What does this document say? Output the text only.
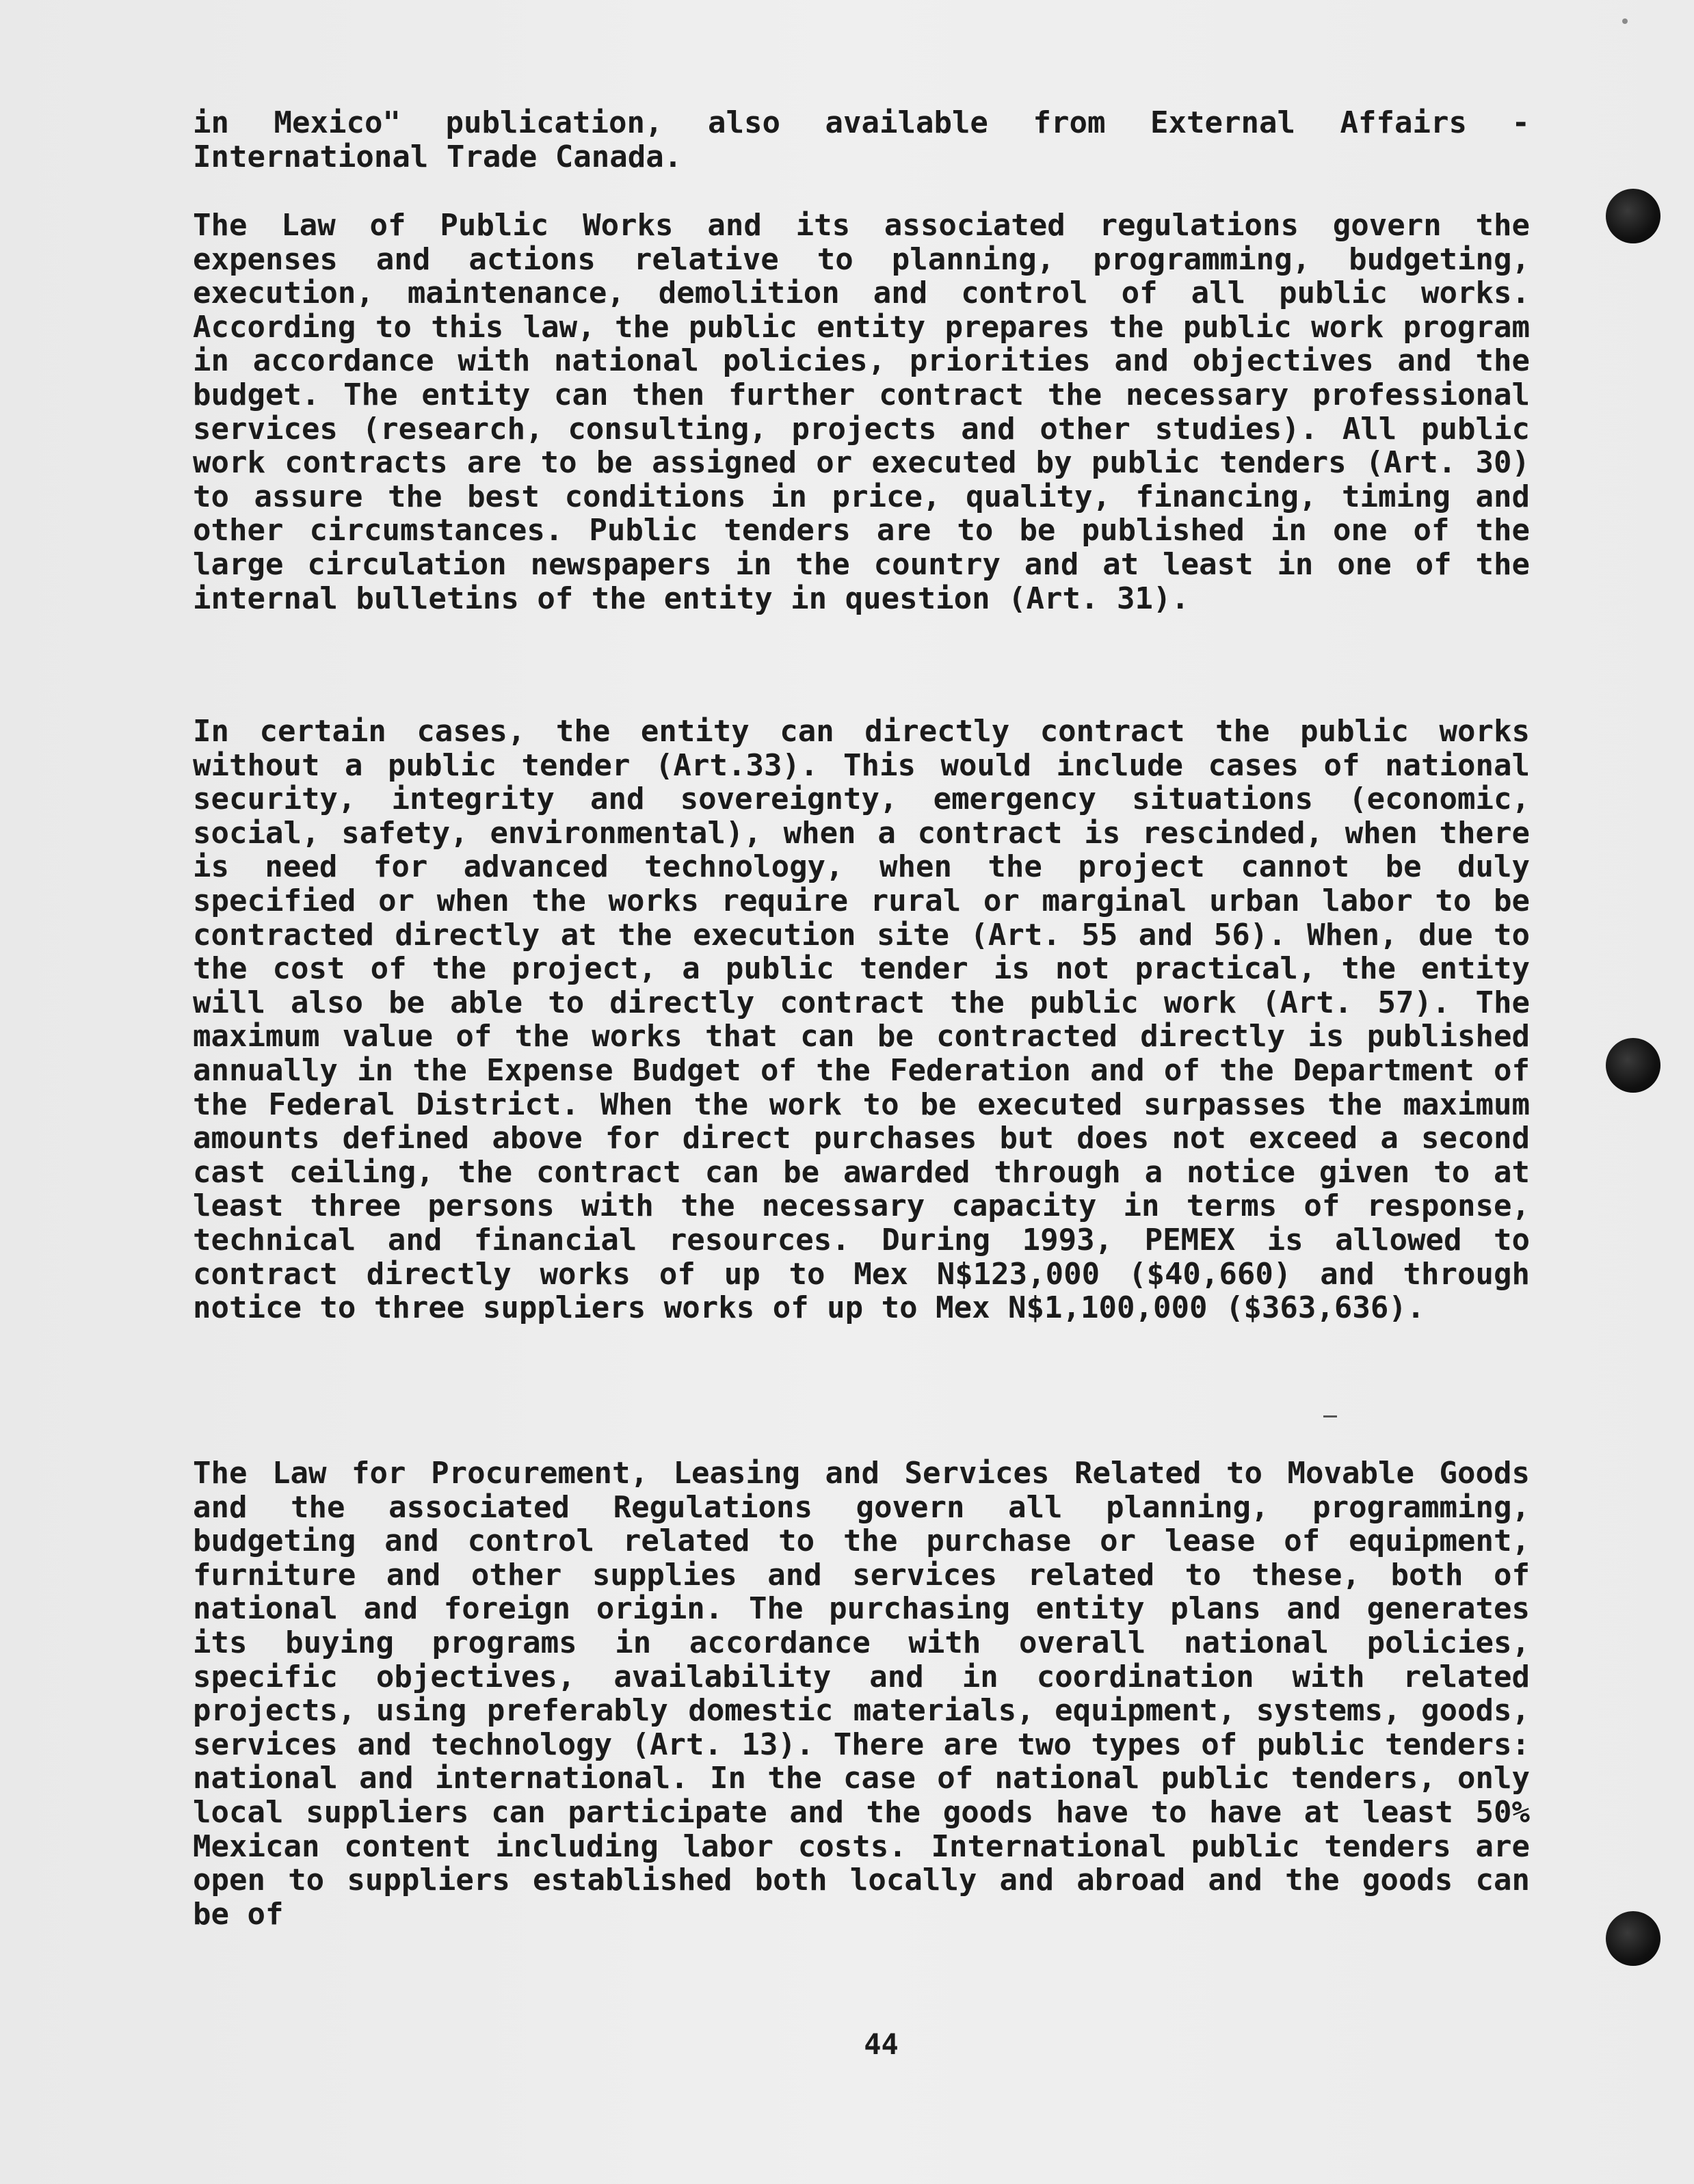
in Mexico" publication, also available from External Affairs - International Trade Canada.

The Law of Public Works and its associated regulations govern the expenses and actions relative to planning, programming, budgeting, execution, maintenance, demolition and control of all public works. According to this law, the public entity prepares the public work program in accordance with national policies, priorities and objectives and the budget. The entity can then further contract the necessary professional services (research, consulting, projects and other studies). All public work contracts are to be assigned or executed by public tenders (Art. 30) to assure the best conditions in price, quality, financing, timing and other circumstances. Public tenders are to be published in one of the large circulation newspapers in the country and at least in one of the internal bulletins of the entity in question (Art. 31).

In certain cases, the entity can directly contract the public works without a public tender (Art.33). This would include cases of national security, integrity and sovereignty, emergency situations (economic, social, safety, environmental), when a contract is rescinded, when there is need for advanced technology, when the project cannot be duly specified or when the works require rural or marginal urban labor to be contracted directly at the execution site (Art. 55 and 56). When, due to the cost of the project, a public tender is not practical, the entity will also be able to directly contract the public work (Art. 57). The maximum value of the works that can be contracted directly is published annually in the Expense Budget of the Federation and of the Department of the Federal District. When the work to be executed surpasses the maximum amounts defined above for direct purchases but does not exceed a second cast ceiling, the contract can be awarded through a notice given to at least three persons with the necessary capacity in terms of response, technical and financial resources. During 1993, PEMEX is allowed to contract directly works of up to Mex N$123,000 ($40,660) and through notice to three suppliers works of up to Mex N$1,100,000 ($363,636).

The Law for Procurement, Leasing and Services Related to Movable Goods and the associated Regulations govern all planning, programming, budgeting and control related to the purchase or lease of equipment, furniture and other supplies and services related to these, both of national and foreign origin. The purchasing entity plans and generates its buying programs in accordance with overall national policies, specific objectives, availability and in coordination with related projects, using preferably domestic materials, equipment, systems, goods, services and technology (Art. 13). There are two types of public tenders: national and international. In the case of national public tenders, only local suppliers can participate and the goods have to have at least 50% Mexican content including labor costs. International public tenders are open to suppliers established both locally and abroad and the goods can be of

44
